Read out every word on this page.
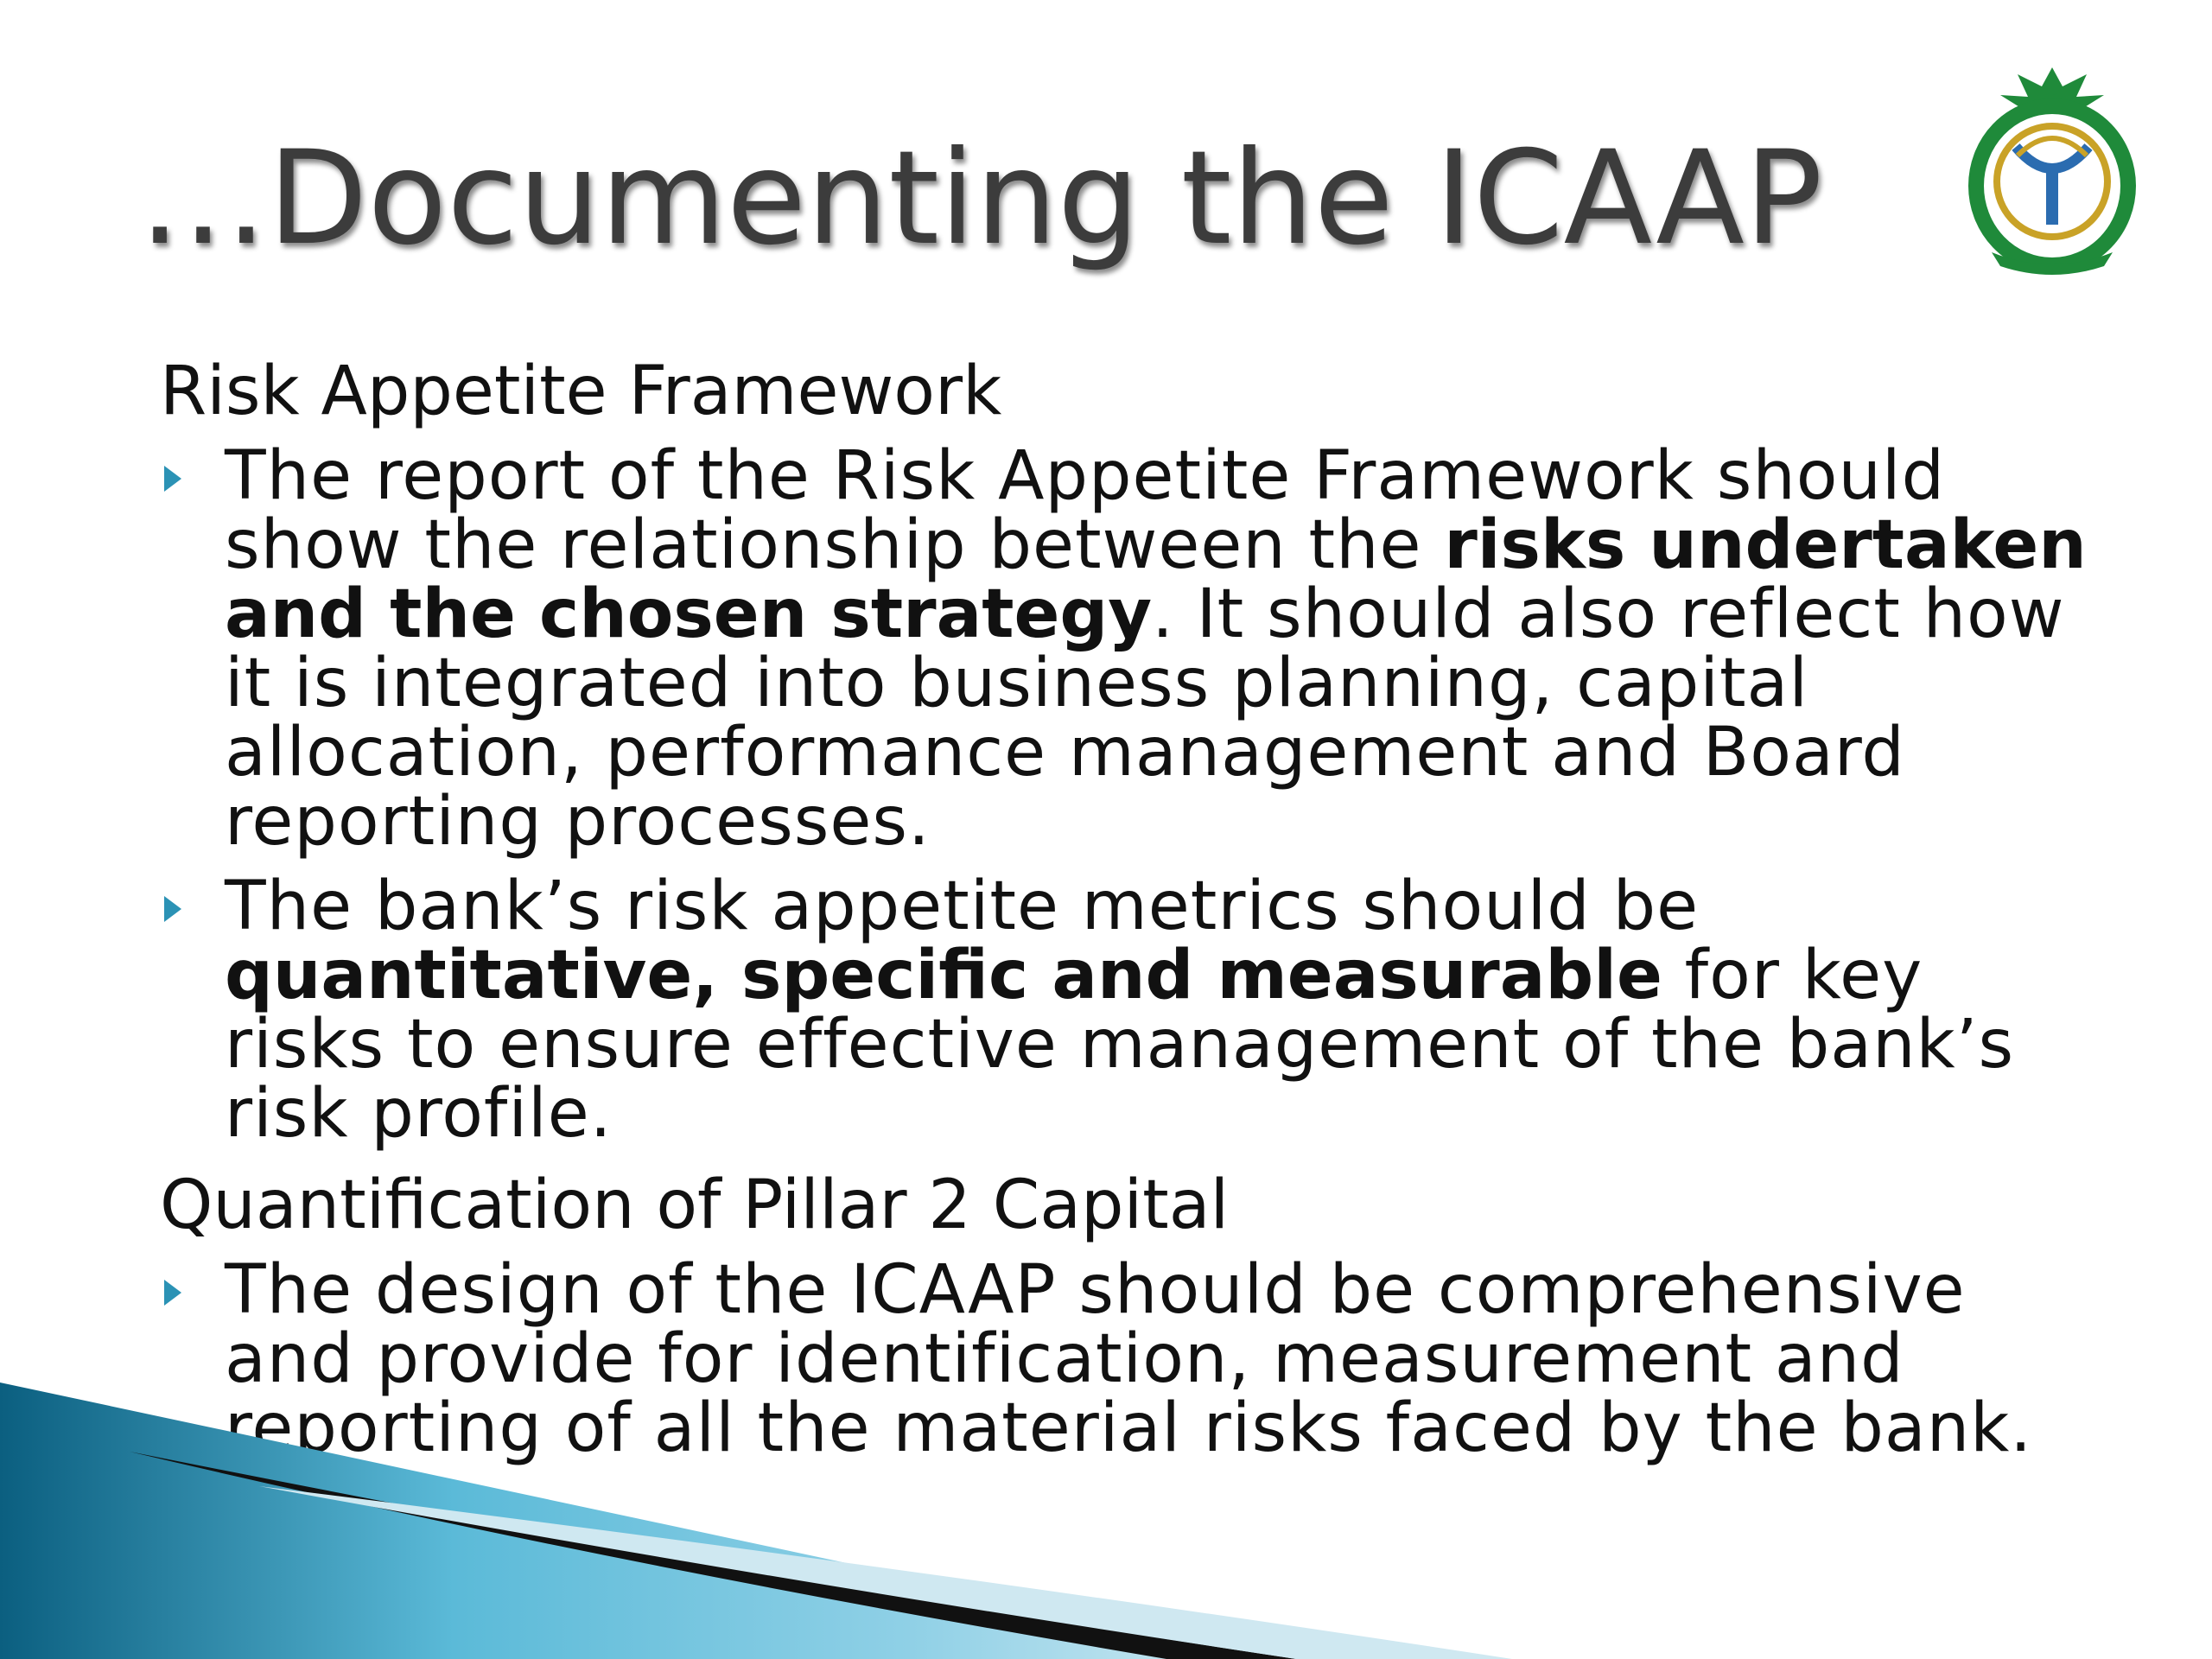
…Documenting the ICAAP
Risk Appetite Framework
The report of the Risk Appetite Framework should show the relationship between the risks undertaken and the chosen strategy. It should also reflect how it is integrated into business planning, capital allocation, performance management and Board reporting processes.
The bank’s risk appetite metrics should be quantitative, specific and measurable for key risks to ensure effective management of the bank’s risk profile.
Quantification of Pillar 2 Capital
The design of the ICAAP should be comprehensive and provide for identification, measurement and reporting of all the material risks faced by the bank.
